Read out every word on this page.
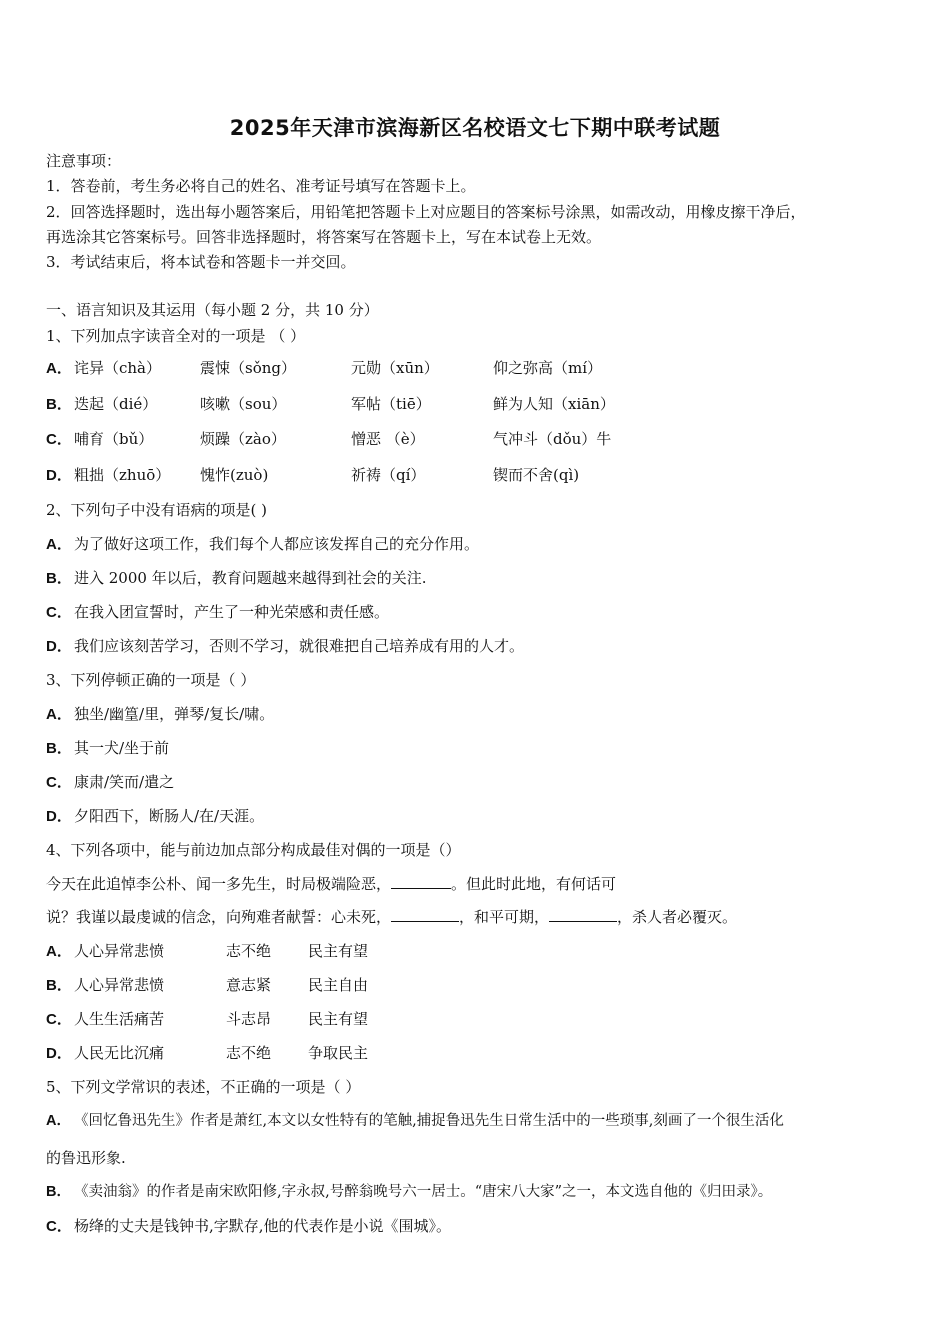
2025年天津市滨海新区名校语文七下期中联考试题
注意事项：
1．答卷前，考生务必将自己的姓名、准考证号填写在答题卡上。
2．回答选择题时，选出每小题答案后，用铅笔把答题卡上对应题目的答案标号涂黑，如需改动，用橡皮擦干净后，
再选涂其它答案标号。回答非选择题时，将答案写在答题卡上，写在本试卷上无效。
3．考试结束后，将本试卷和答题卡一并交回。
一、语言知识及其运用（每小题 2 分，共 10 分）
1、下列加点字读音全对的一项是 （ ）
A． 诧异（chà）	震悚（sǒng）	元勋（xūn）	仰之弥高（mí）
B． 迭起（dié）	咳嗽（sou）	军帖（tiē）	鲜为人知（xiān）
C． 哺育（bǔ）	烦躁（zào）	憎恶 （è）	气冲斗（dǒu）牛
D． 粗拙（zhuō） 愧怍(zuò)	祈祷（qí）	锲而不舍(qì)
2、下列句子中没有语病的项是( )
A． 为了做好这项工作，我们每个人都应该发挥自己的充分作用。
B． 进入 2000 年以后，教育问题越来越得到社会的关注.
C． 在我入团宣誓时，产生了一种光荣感和责任感。
D． 我们应该刻苦学习，否则不学习，就很难把自己培养成有用的人才。
3、下列停顿正确的一项是（ ）
A． 独坐/幽篁/里，弹琴/复长/啸。
B． 其一犬/坐于前
C． 康肃/笑而/遣之
D． 夕阳西下，断肠人/在/天涯。
4、下列各项中，能与前边加点部分构成最佳对偶的一项是（）
今天在此追悼李公朴、闻一多先生，时局极端险恶，	。但此时此地，有何话可
说？我谨以最虔诚的信念，向殉难者献誓：心未死，	，和平可期，	，杀人者必覆灭。
A． 人心异常悲愤	志不绝 民主有望
B． 人心异常悲愤	意志紧 民主自由
C． 人生生活痛苦	斗志昂 民主有望
D． 人民无比沉痛	志不绝 争取民主
5、下列文学常识的表述，不正确的一项是（ ）
A． 《回忆鲁迅先生》作者是萧红,本文以女性特有的笔触,捕捉鲁迅先生日常生活中的一些琐事,刻画了一个很生活化
的鲁迅形象.
B． 《卖油翁》的作者是南宋欧阳修,字永叔,号醉翁晚号六一居士。“唐宋八大家”之一，本文选自他的《归田录》。
C． 杨绛的丈夫是钱钟书,字默存,他的代表作是小说《围城》。
